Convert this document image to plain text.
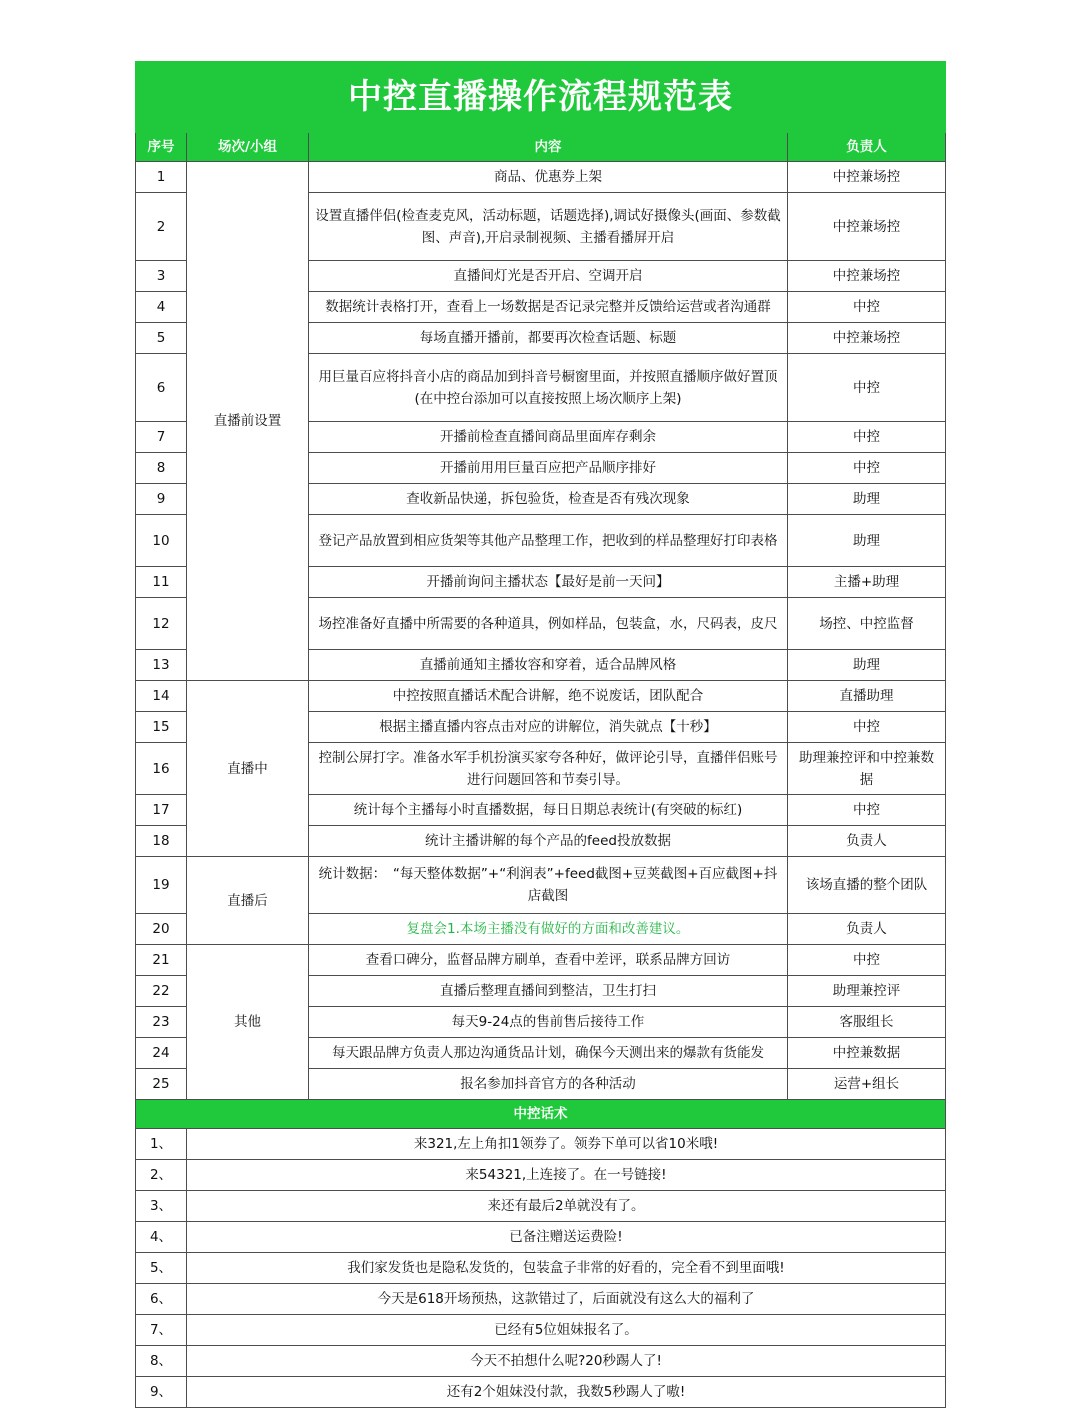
中控直播操作流程规范表			
序号	场次/小组	内容	负责人
1	直播前设置	商品、优惠券上架	中控兼场控
2		设置直播伴侣(检查麦克风，活动标题，话题选择),调试好摄像头(画面、参数截图、声音),开启录制视频、主播看播屏开启	中控兼场控
3		直播间灯光是否开启、空调开启	中控兼场控
4		数据统计表格打开，查看上一场数据是否记录完整并反馈给运营或者沟通群	中控
5		每场直播开播前，都要再次检查话题、标题	中控兼场控
6		用巨量百应将抖音小店的商品加到抖音号橱窗里面，并按照直播顺序做好置顶(在中控台添加可以直接按照上场次顺序上架)	中控
7		开播前检查直播间商品里面库存剩余	中控
8		开播前用用巨量百应把产品顺序排好	中控
9		查收新品快递，拆包验货，检查是否有残次现象	助理
10		登记产品放置到相应货架等其他产品整理工作，把收到的样品整理好打印表格	助理
11		开播前询问主播状态【最好是前一天问】	主播+助理
12		场控准备好直播中所需要的各种道具，例如样品，包装盒，水，尺码表，皮尺	场控、中控监督
13		直播前通知主播妆容和穿着，适合品牌风格	助理
14	直播中	中控按照直播话术配合讲解，绝不说废话，团队配合	直播助理
15		根据主播直播内容点击对应的讲解位，消失就点【十秒】	中控
16		控制公屏打字。准备水军手机扮演买家夸各种好，做评论引导，直播伴侣账号进行问题回答和节奏引导。	助理兼控评和中控兼数据
17		统计每个主播每小时直播数据，每日日期总表统计(有突破的标红)	中控
18		统计主播讲解的每个产品的feed投放数据	负责人
19	直播后	统计数据：　“每天整体数据”+“利润表”+feed截图+豆荚截图+百应截图+抖店截图	该场直播的整个团队
20		复盘会1.本场主播没有做好的方面和改善建议。	负责人
21	其他	查看口碑分，监督品牌方刷单，查看中差评，联系品牌方回访	中控
22		直播后整理直播间到整洁，卫生打扫	助理兼控评
23		每天9-24点的售前售后接待工作	客服组长
24		每天跟品牌方负责人那边沟通货品计划，确保今天测出来的爆款有货能发	中控兼数据
25		报名参加抖音官方的各种活动	运营+组长
中控话术			
1、	来321,左上角扣1领券了。领券下单可以省10米哦!		
2、	来54321,上连接了。在一号链接!		
3、	来还有最后2单就没有了。		
4、	已备注赠送运费险!		
5、	我们家发货也是隐私发货的，包装盒子非常的好看的，完全看不到里面哦!		
6、	今天是618开场预热，这款错过了，后面就没有这么大的福利了		
7、	已经有5位姐妹报名了。		
8、	今天不拍想什么呢?20秒踢人了!		
9、	还有2个姐妹没付款，我数5秒踢人了嗷!		
